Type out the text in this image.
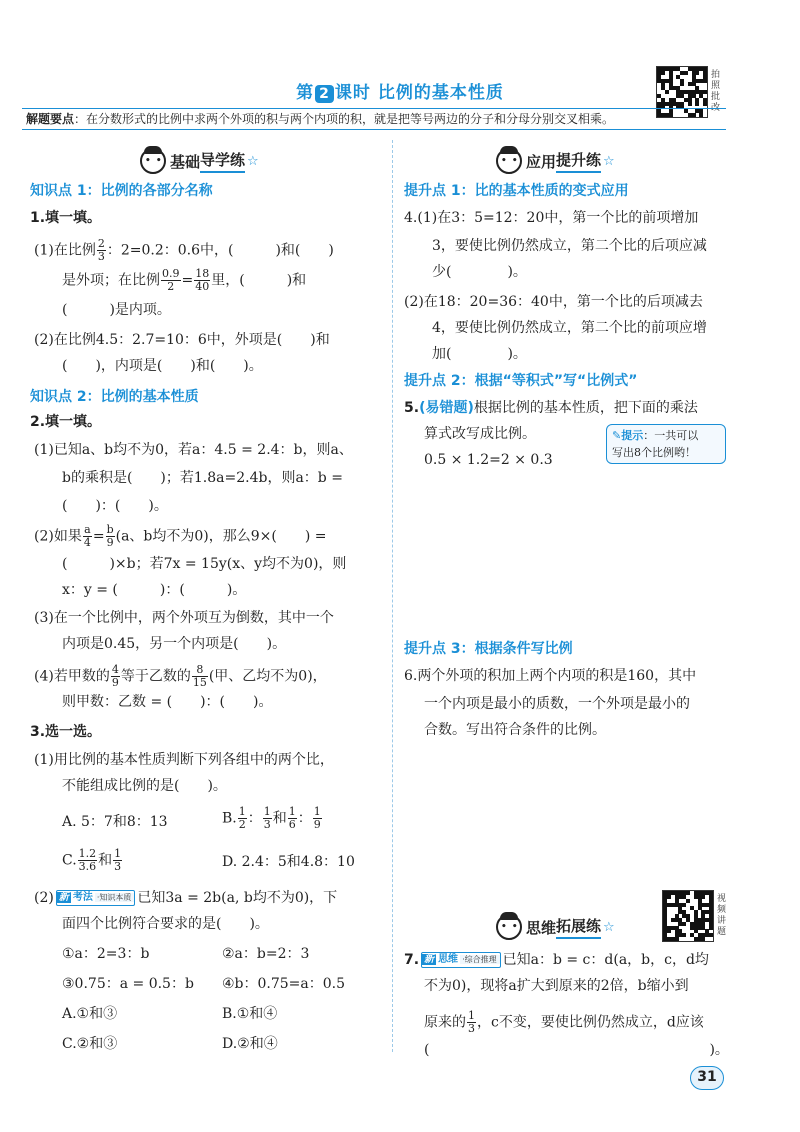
第 2 课时 比例的基本性质
拍照批改
解题要点：在分数形式的比例中求两个外项的积与两个内项的积，就是把等号两边的分子和分母分别交叉相乘。
• •
基础 导学练 ☆
知识点 1：比例的各部分名称
1.填一填。
(1)在比例 $\frac{2}{3}$ ：2=0.2：0.6中，(　　　)和(　　)
是外项；在比例 $\frac{0.9}{2} = \frac{18}{40}$ 里，(　　　)和
(　　　)是内项。
(2)在比例4.5：2.7=10：6中，外项是(　　)和
(　　)，内项是(　　)和(　　)。
知识点 2：比例的基本性质
2.填一填。
(1)已知a、b均不为0，若a：4.5 = 2.4：b，则a、
b的乘积是(　　)；若1.8a=2.4b，则a：b =
(　　)：(　　)。
(2)如果 $\frac{a}{4} = \frac{b}{9} (a$、b均不为0)，那么9×(　　) =
(　　　)×b；若7x = 15y(x、y均不为0)，则
x：y = (　　　)：(　　　)。
(3)在一个比例中，两个外项互为倒数，其中一个
内项是0.45，另一个内项是(　　)。
(4)若甲数的 $\frac{4}{9}$ 等于乙数的 $\frac{8}{15}$ (甲、乙均不为0)，
则甲数：乙数 = (　　)：(　　)。
3.选一选。
(1)用比例的基本性质判断下列各组中的两个比，
不能组成比例的是(　　)。
A. 5：7和8：13	B. $\frac{1}{2}$ ： $\frac{1}{3}$ 和 $\frac{1}{6}$ ： $\frac{1}{9}$
C. $\frac{1.2}{3.6}$ 和 $\frac{1}{3}$	D. 2.4：5和4.8：10
(2) 新 考法 ·知识本质 已知3a = 2b(a, b均不为0)，下
面四个比例符合要求的是(　　)。
①a：2=3：b	②a：b=2：3
③0.75：a = 0.5：b ④b：0.75=a：0.5
A.①和③	B.①和④
C.②和③	D.②和④
• •
应用 提升练 ☆
提升点 1：比的基本性质的变式应用
4.(1)在3：5=12：20中，第一个比的前项增加
3，要使比例仍然成立，第二个比的后项应减
少(　　　　)。
(2)在18：20=36：40中，第一个比的后项减去
4，要使比例仍然成立，第二个比的前项应增
加(　　　　)。
提升点 2：根据“等积式”写“比例式”
5.(易错题)根据比例的基本性质，把下面的乘法
算式改写成比例。
0.5 × 1.2=2 × 0.3
✎提示：一共可以
写出8个比例哟！
提升点 3：根据条件写比例
6.两个外项的积加上两个内项的积是160，其中
一个内项是最小的质数，一个外项是最小的
合数。写出符合条件的比例。
视频讲题
• •
思维 拓展练 ☆
7. 新 思维 ·综合推理 已知a：b = c：d(a，b，c，d均
不为0)，现将a扩大到原来的2倍，b缩小到
原来的 $\frac{1}{3}$ ，c不变，要使比例仍然成立，d应该
(　　　　　　　　　　　　　　　　　　　　)。
31
